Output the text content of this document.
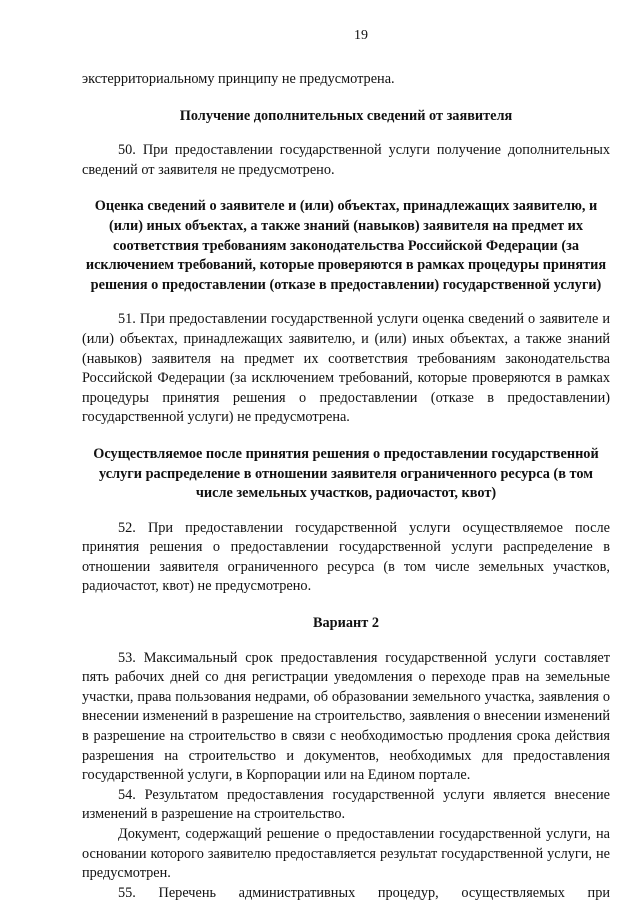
19

экстерриториальному принципу не предусмотрена.

Получение дополнительных сведений от заявителя

50. При предоставлении государственной услуги получение дополнительных сведений от заявителя не предусмотрено.

Оценка сведений о заявителе и (или) объектах, принадлежащих заявителю, и (или) иных объектах, а также знаний (навыков) заявителя на предмет их соответствия требованиям законодательства Российской Федерации (за исключением требований, которые проверяются в рамках процедуры принятия решения о предоставлении (отказе в предоставлении) государственной услуги)

51. При предоставлении государственной услуги оценка сведений о заявителе и (или) объектах, принадлежащих заявителю, и (или) иных объектах, а также знаний (навыков) заявителя на предмет их соответствия требованиям законодательства Российской Федерации (за исключением требований, которые проверяются в рамках процедуры принятия решения о предоставлении (отказе в предоставлении) государственной услуги) не предусмотрена.

Осуществляемое после принятия решения о предоставлении государственной услуги распределение в отношении заявителя ограниченного ресурса (в том числе земельных участков, радиочастот, квот)

52. При предоставлении государственной услуги осуществляемое после принятия решения о предоставлении государственной услуги распределение в отношении заявителя ограниченного ресурса (в том числе земельных участков, радиочастот, квот) не предусмотрено.

Вариант 2

53. Максимальный срок предоставления государственной услуги составляет пять рабочих дней со дня регистрации уведомления о переходе прав на земельные участки, права пользования недрами, об образовании земельного участка, заявления о внесении изменений в разрешение на строительство, заявления о внесении изменений в разрешение на строительство в связи с необходимостью продления срока действия разрешения на строительство и документов, необходимых для предоставления государственной услуги, в Корпорации или на Едином портале.

54. Результатом предоставления государственной услуги является внесение изменений в разрешение на строительство.

Документ, содержащий решение о предоставлении государственной услуги, на основании которого заявителю предоставляется результат государственной услуги, не предусмотрен.

55. Перечень административных процедур, осуществляемых при
